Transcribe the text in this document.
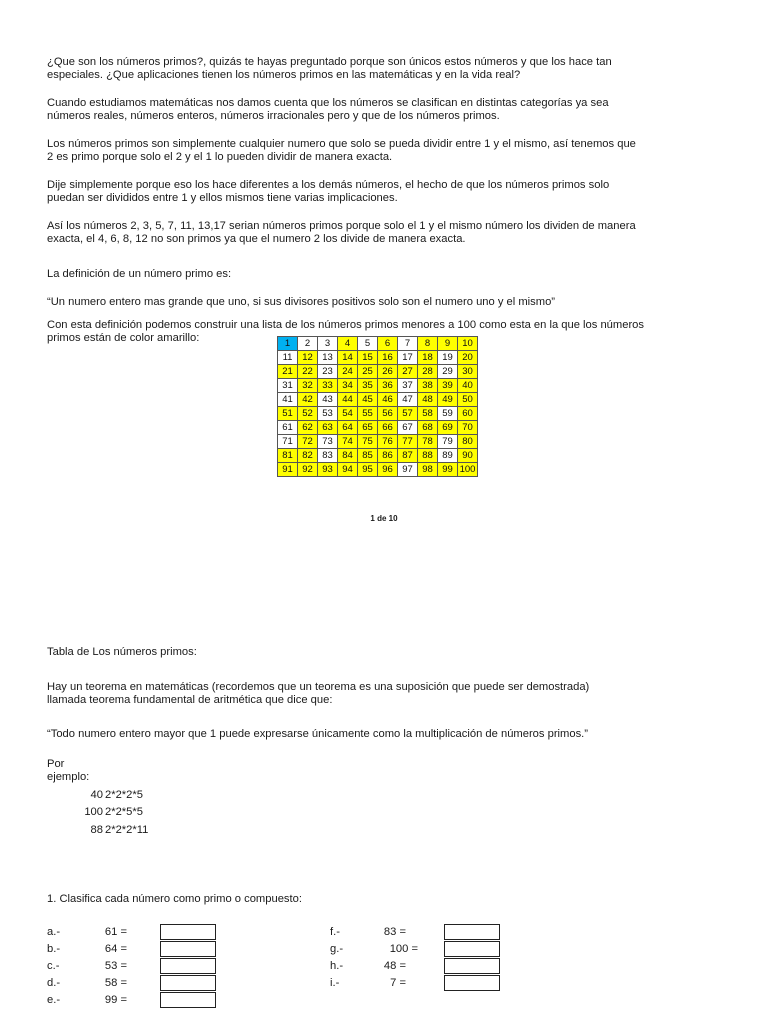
¿Que son los números primos?, quizás te hayas preguntado porque son únicos estos números y que los hace tan
especiales. ¿Que aplicaciones tienen los números primos en las matemáticas y en la vida real?
Cuando estudiamos matemáticas nos damos cuenta que los números se clasifican en distintas categorías ya sea
números reales, números enteros, números irracionales pero y que de los números primos.
Los números primos son simplemente cualquier numero que solo se pueda dividir entre 1 y el mismo, así tenemos que
2 es primo porque solo el 2 y el 1 lo pueden dividir de manera exacta.
Dije simplemente porque eso los hace diferentes a los demás números, el hecho de que los números primos solo
puedan ser divididos entre 1 y ellos mismos tiene varias implicaciones.
Así los números 2, 3, 5, 7, 11, 13,17 serian números primos porque solo el 1 y el mismo número los dividen de manera
exacta, el 4, 6, 8, 12 no son primos ya que el numero 2 los divide de manera exacta.
La definición de un número primo es:
“Un numero entero mas grande que uno, si sus divisores positivos solo son el numero uno y el mismo”
Con esta definición podemos construir una lista de los números primos menores a 100 como esta en la que los números
primos están de color amarillo:	1	2	3	4	5	6	7	8	9	10
11	12	13	14	15	16	17	18	19	20
21	22	23	24	25	26	27	28	29	30
31	32	33	34	35	36	37	38	39	40
41	42	43	44	45	46	47	48	49	50
51	52	53	54	55	56	57	58	59	60
61	62	63	64	65	66	67	68	69	70
71	72	73	74	75	76	77	78	79	80
81	82	83	84	85	86	87	88	89	90
91	92	93	94	95	96	97	98	99	100
1 de 10
Tabla de Los números primos:
Hay un teorema en matemáticas (recordemos que un teorema es una suposición que puede ser demostrada)
llamada teorema fundamental de aritmética que dice que:
“Todo numero entero mayor que 1 puede expresarse únicamente como la multiplicación de números primos.”
Por
ejemplo:
40 2*2*2*5
100 2*2*5*5
88 2*2*2*11
1. Clasifica cada número como primo o compuesto:
a.-	61 =
b.-	64 =
c.-	53 =
d.-	58 =
e.-	99 =
f.-	83 =
g.-	100 =
h.-	48 =
i.-	7 =
